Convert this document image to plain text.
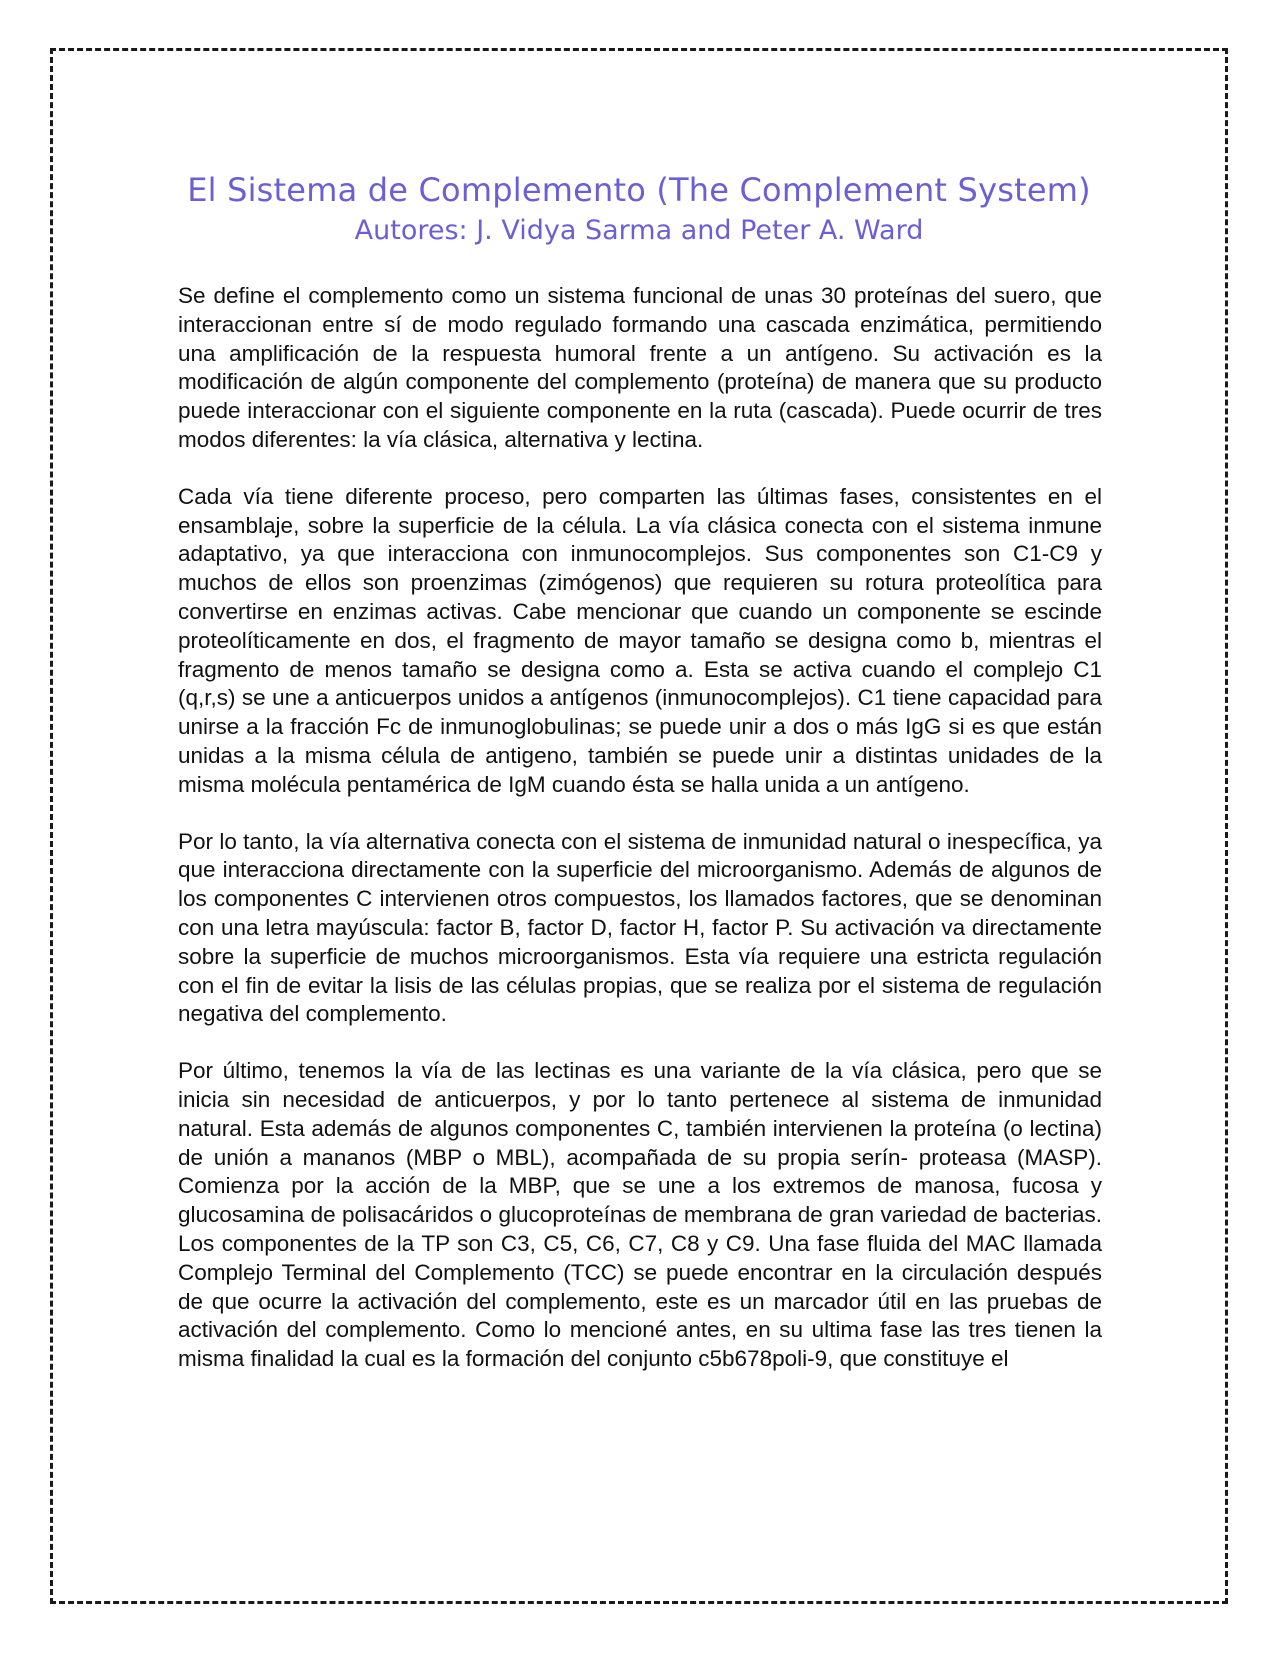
El Sistema de Complemento (The Complement System)
Autores: J. Vidya Sarma and Peter A. Ward

Se define el complemento como un sistema funcional de unas 30 proteínas del suero, que interaccionan entre sí de modo regulado formando una cascada enzimática, permitiendo una amplificación de la respuesta humoral frente a un antígeno. Su activación es la modificación de algún componente del complemento (proteína) de manera que su producto puede interaccionar con el siguiente componente en la ruta (cascada). Puede ocurrir de tres modos diferentes: la vía clásica, alternativa y lectina.

Cada vía tiene diferente proceso, pero comparten las últimas fases, consistentes en el ensamblaje, sobre la superficie de la célula. La vía clásica conecta con el sistema inmune adaptativo, ya que interacciona con inmunocomplejos. Sus componentes son C1-C9 y muchos de ellos son proenzimas (zimógenos) que requieren su rotura proteolítica para convertirse en enzimas activas. Cabe mencionar que cuando un componente se escinde proteolíticamente en dos, el fragmento de mayor tamaño se designa como b, mientras el fragmento de menos tamaño se designa como a. Esta se activa cuando el complejo C1 (q,r,s) se une a anticuerpos unidos a antígenos (inmunocomplejos). C1 tiene capacidad para unirse a la fracción Fc de inmunoglobulinas; se puede unir a dos o más IgG si es que están unidas a la misma célula de antigeno, también se puede unir a distintas unidades de la misma molécula pentamérica de IgM cuando ésta se halla unida a un antígeno.

Por lo tanto, la vía alternativa conecta con el sistema de inmunidad natural o inespecífica, ya que interacciona directamente con la superficie del microorganismo. Además de algunos de los componentes C intervienen otros compuestos, los llamados factores, que se denominan con una letra mayúscula: factor B, factor D, factor H, factor P. Su activación va directamente sobre la superficie de muchos microorganismos. Esta vía requiere una estricta regulación con el fin de evitar la lisis de las células propias, que se realiza por el sistema de regulación negativa del complemento.

Por último, tenemos la vía de las lectinas es una variante de la vía clásica, pero que se inicia sin necesidad de anticuerpos, y por lo tanto pertenece al sistema de inmunidad natural. Esta además de algunos componentes C, también intervienen la proteína (o lectina) de unión a mananos (MBP o MBL), acompañada de su propia serín- proteasa (MASP). Comienza por la acción de la MBP, que se une a los extremos de manosa, fucosa y glucosamina de polisacáridos o glucoproteínas de membrana de gran variedad de bacterias. Los componentes de la TP son C3, C5, C6, C7, C8 y C9. Una fase fluida del MAC llamada Complejo Terminal del Complemento (TCC) se puede encontrar en la circulación después de que ocurre la activación del complemento, este es un marcador útil en las pruebas de activación del complemento. Como lo mencioné antes, en su ultima fase las tres tienen la misma finalidad la cual es la formación del conjunto c5b678poli-9, que constituye el
